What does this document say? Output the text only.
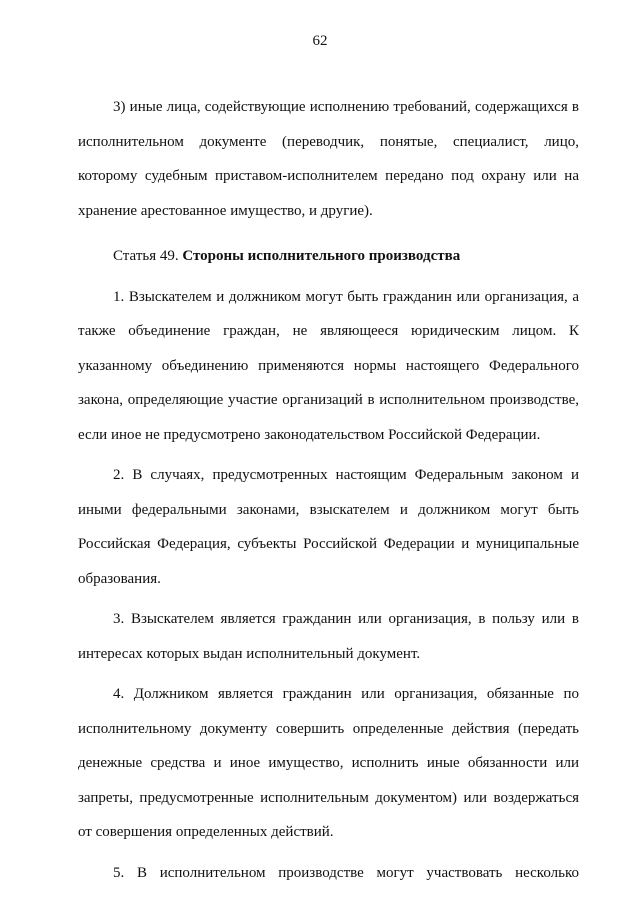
62

3) иные лица, содействующие исполнению требований, содержащихся в исполнительном документе (переводчик, понятые, специалист, лицо, которому судебным приставом-исполнителем передано под охрану или на хранение арестованное имущество, и другие).

Статья 49. Стороны исполнительного производства

1. Взыскателем и должником могут быть гражданин или организация, а также объединение граждан, не являющееся юридическим лицом. К указанному объединению применяются нормы настоящего Федерального закона, определяющие участие организаций в исполнительном производстве, если иное не предусмотрено законодательством Российской Федерации.

2. В случаях, предусмотренных настоящим Федеральным законом и иными федеральными законами, взыскателем и должником могут быть Российская Федерация, субъекты Российской Федерации и муниципальные образования.

3. Взыскателем является гражданин или организация, в пользу или в интересах которых выдан исполнительный документ.

4. Должником является гражданин или организация, обязанные по исполнительному документу совершить определенные действия (передать денежные средства и иное имущество, исполнить иные обязанности или запреты, предусмотренные исполнительным документом) или воздержаться от совершения определенных действий.

5. В исполнительном производстве могут участвовать несколько
